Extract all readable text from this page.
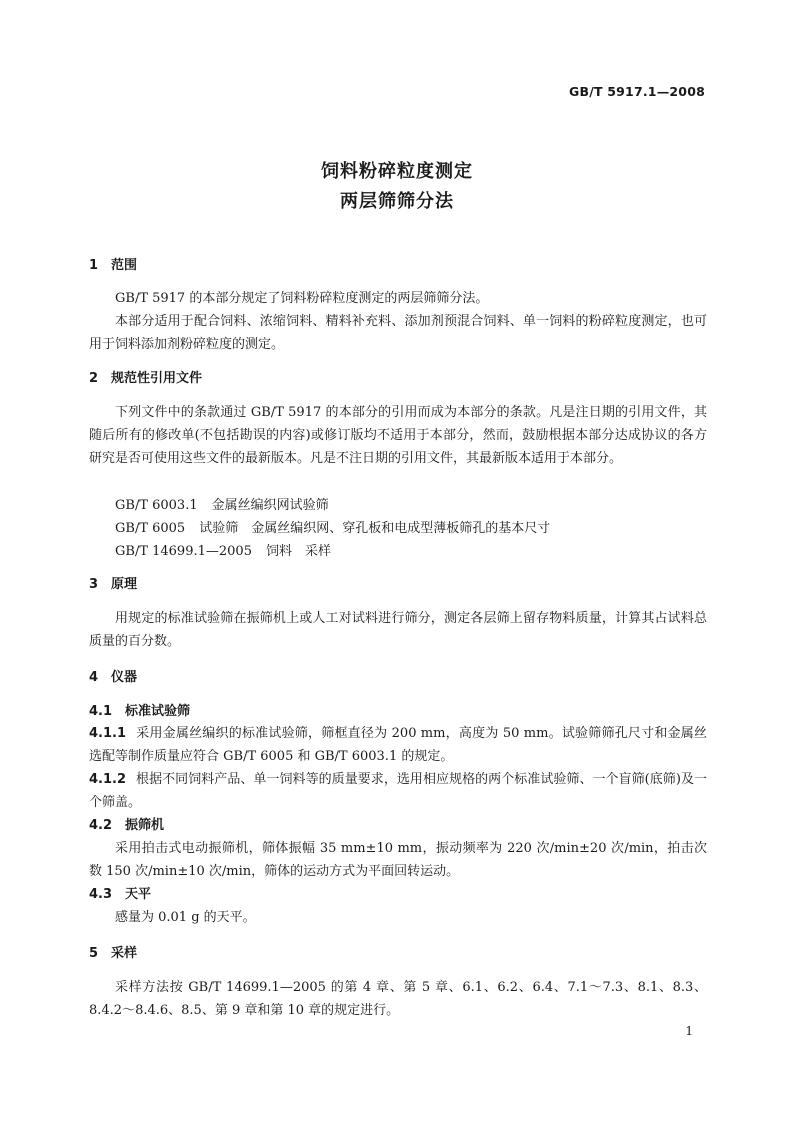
GB/T 5917.1—2008
饲料粉碎粒度测定
两层筛筛分法
1 范围
GB/T 5917 的本部分规定了饲料粉碎粒度测定的两层筛筛分法。
本部分适用于配合饲料、浓缩饲料、精料补充料、添加剂预混合饲料、单一饲料的粉碎粒度测定，也可用于饲料添加剂粉碎粒度的测定。
2 规范性引用文件
下列文件中的条款通过 GB/T 5917 的本部分的引用而成为本部分的条款。凡是注日期的引用文件，其随后所有的修改单(不包括勘误的内容)或修订版均不适用于本部分，然而，鼓励根据本部分达成协议的各方研究是否可使用这些文件的最新版本。凡是不注日期的引用文件，其最新版本适用于本部分。
GB/T 6003.1 金属丝编织网试验筛
GB/T 6005 试验筛　金属丝编织网、穿孔板和电成型薄板筛孔的基本尺寸
GB/T 14699.1—2005 饲料　采样
3 原理
用规定的标准试验筛在振筛机上或人工对试料进行筛分，测定各层筛上留存物料质量，计算其占试料总质量的百分数。
4 仪器
4.1 标准试验筛
4.1.1 采用金属丝编织的标准试验筛，筛框直径为 200 mm，高度为 50 mm。试验筛筛孔尺寸和金属丝选配等制作质量应符合 GB/T 6005 和 GB/T 6003.1 的规定。
4.1.2 根据不同饲料产品、单一饲料等的质量要求，选用相应规格的两个标准试验筛、一个盲筛(底筛)及一个筛盖。
4.2 振筛机
采用拍击式电动振筛机，筛体振幅 35 mm±10 mm，振动频率为 220 次/min±20 次/min，拍击次数 150 次/min±10 次/min，筛体的运动方式为平面回转运动。
4.3 天平
感量为 0.01 g 的天平。
5 采样
采样方法按 GB/T 14699.1—2005 的第 4 章、第 5 章、6.1、6.2、6.4、7.1～7.3、8.1、8.3、8.4.2～8.4.6、8.5、第 9 章和第 10 章的规定进行。
1
